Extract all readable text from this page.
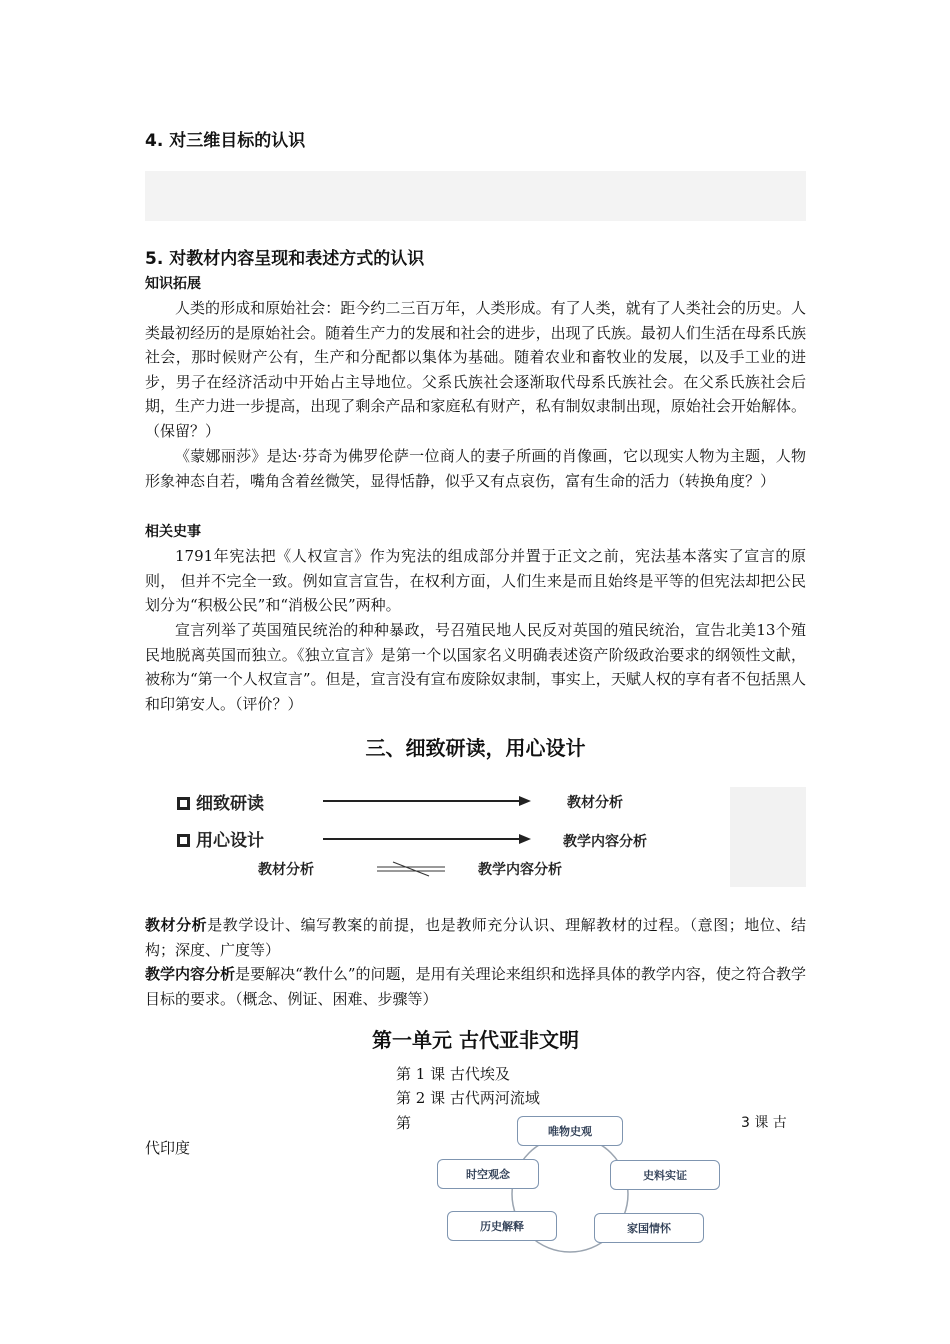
4. 对三维目标的认识
5. 对教材内容呈现和表述方式的认识
知识拓展

人类的形成和原始社会：距今约二三百万年，人类形成。有了人类，就有了人类社会的历史。人类最初经历的是原始社会。随着生产力的发展和社会的进步，出现了氏族。最初人们生活在母系氏族社会，那时候财产公有，生产和分配都以集体为基础。随着农业和畜牧业的发展，以及手工业的进步，男子在经济活动中开始占主导地位。父系氏族社会逐渐取代母系氏族社会。在父系氏族社会后期，生产力进一步提高，出现了剩余产品和家庭私有财产，私有制奴隶制出现，原始社会开始解体。（保留？）

《蒙娜丽莎》是达·芬奇为佛罗伦萨一位商人的妻子所画的肖像画，它以现实人物为主题，人物形象神态自若，嘴角含着丝微笑，显得恬静，似乎又有点哀伤，富有生命的活力（转换角度？）

相关史事

1791年宪法把《人权宣言》作为宪法的组成部分并置于正文之前，宪法基本落实了宣言的原则， 但并不完全一致。例如宣言宣告，在权利方面，人们生来是而且始终是平等的但宪法却把公民划分为“积极公民”和“消极公民”两种。

宣言列举了英国殖民统治的种种暴政，号召殖民地人民反对英国的殖民统治，宣告北美13个殖民地脱离英国而独立。《独立宣言》是第一个以国家名义明确表述资产阶级政治要求的纲领性文献，被称为“第一个人权宣言”。但是，宣言没有宣布废除奴隶制，事实上，天赋人权的享有者不包括黑人和印第安人。（评价？）

三、细致研读，用心设计
细致研读	教材分析
用心设计	教学内容分析
教材分析	教学内容分析

教材分析是教学设计、编写教案的前提，也是教师充分认识、理解教材的过程。（意图；地位、结构；深度、广度等）

教学内容分析是要解决“教什么”的问题，是用有关理论来组织和选择具体的教学内容，使之符合教学目标的要求。（概念、例证、困难、步骤等）

第一单元 古代亚非文明
第 1 课 古代埃及
第 2 课 古代两河流域
第	3 课 古
代印度
唯物史观
史料实证
家国情怀
历史解释
时空观念
